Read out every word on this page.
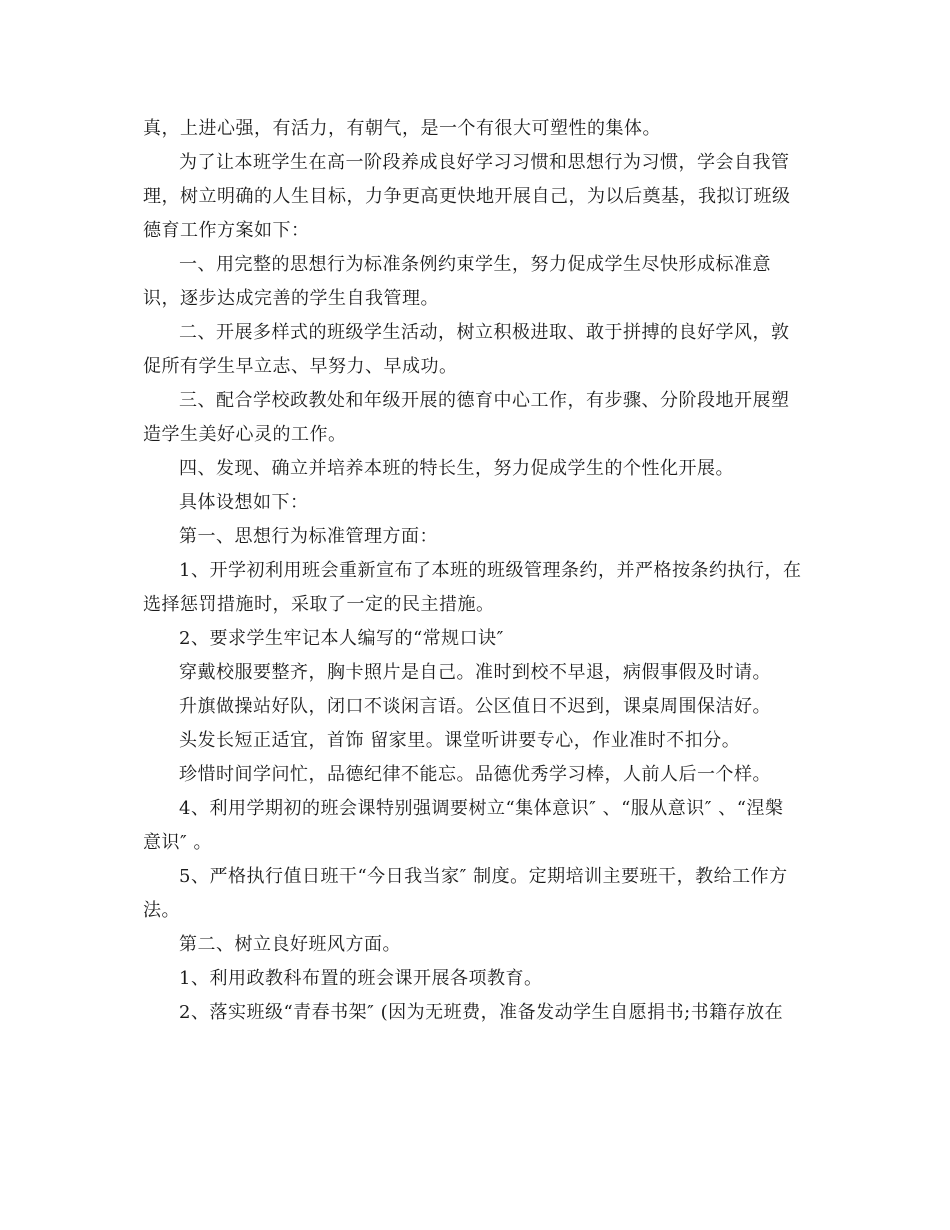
真，上进心强，有活力，有朝气，是一个有很大可塑性的集体。
为了让本班学生在高一阶段养成良好学习习惯和思想行为习惯，学会自我管
理，树立明确的人生目标，力争更高更快地开展自己，为以后奠基，我拟订班级
德育工作方案如下：
一、用完整的思想行为标准条例约束学生，努力促成学生尽快形成标准意
识，逐步达成完善的学生自我管理。
二、开展多样式的班级学生活动，树立积极进取、敢于拼搏的良好学风，敦
促所有学生早立志、早努力、早成功。
三、配合学校政教处和年级开展的德育中心工作，有步骤、分阶段地开展塑
造学生美好心灵的工作。
四、发现、确立并培养本班的特长生，努力促成学生的个性化开展。
具体设想如下：
第一、思想行为标准管理方面：
1、开学初利用班会重新宣布了本班的班级管理条约，并严格按条约执行，在
选择惩罚措施时，采取了一定的民主措施。
2、要求学生牢记本人编写的“常规口诀″
穿戴校服要整齐，胸卡照片是自己。准时到校不早退，病假事假及时请。
升旗做操站好队，闭口不谈闲言语。公区值日不迟到，课桌周围保洁好。
头发长短正适宜，首饰 留家里。课堂听讲要专心，作业准时不扣分。
珍惜时间学问忙，品德纪律不能忘。品德优秀学习棒，人前人后一个样。
4、利用学期初的班会课特别强调要树立“集体意识″ 、“服从意识″ 、“涅槃
意识″ 。
5、严格执行值日班干“今日我当家″ 制度。定期培训主要班干，教给工作方
法。
第二、树立良好班风方面。
1、利用政教科布置的班会课开展各项教育。
2、落实班级“青春书架″ (因为无班费，准备发动学生自愿捐书;书籍存放在
